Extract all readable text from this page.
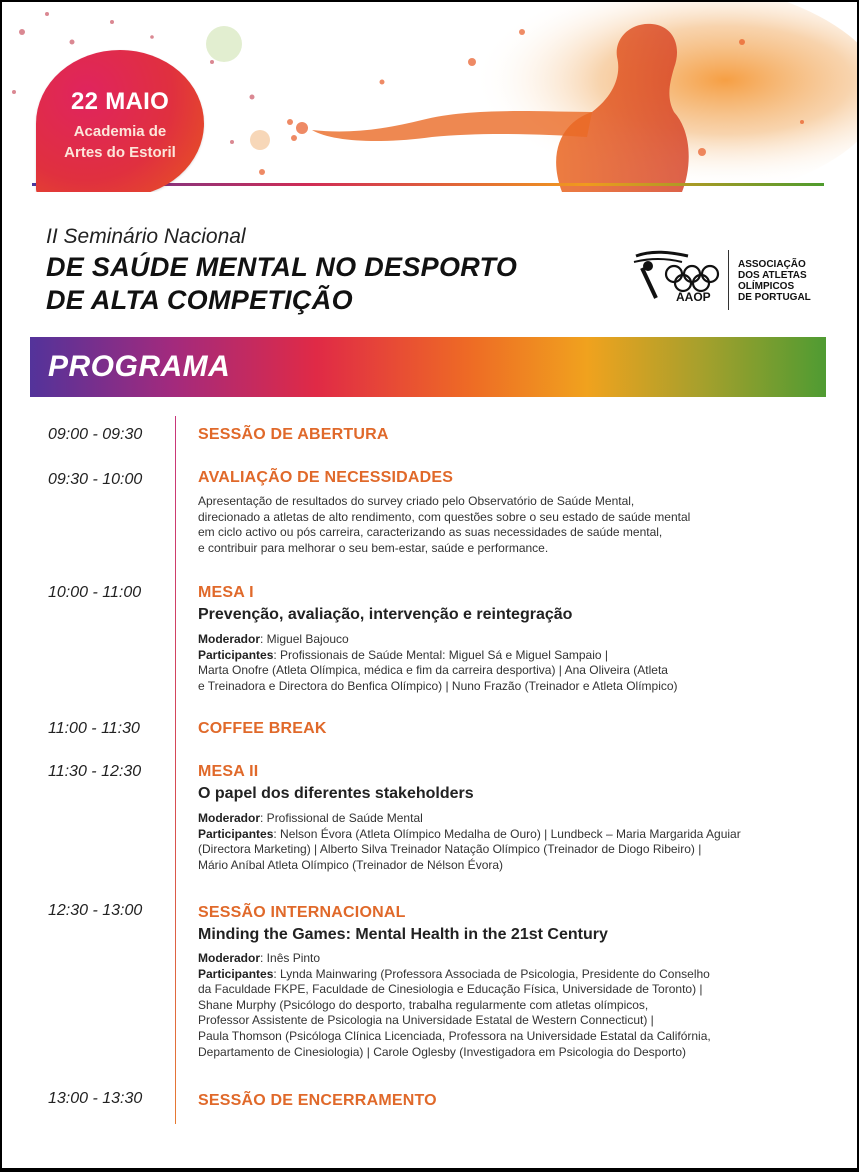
22 MAIO
Academia de
Artes do Estoril
II Seminário Nacional
DE SAÚDE MENTAL NO DESPORTO
DE ALTA COMPETIÇÃO	AAOP
ASSOCIAÇÃO
DOS ATLETAS
OLÍMPICOS
DE PORTUGAL
PROGRAMA
09:00 - 09:30	SESSÃO DE ABERTURA
09:30 - 10:00	AVALIAÇÃO DE NECESSIDADES
Apresentação de resultados do survey criado pelo Observatório de Saúde Mental,
direcionado a atletas de alto rendimento, com questões sobre o seu estado de saúde mental
em ciclo activo ou pós carreira, caracterizando as suas necessidades de saúde mental,
e contribuir para melhorar o seu bem-estar, saúde e performance.
10:00 - 11:00	MESA I
Prevenção, avaliação, intervenção e reintegração
Moderador: Miguel Bajouco
Participantes: Profissionais de Saúde Mental: Miguel Sá e Miguel Sampaio |
Marta Onofre (Atleta Olímpica, médica e fim da carreira desportiva) | Ana Oliveira (Atleta
e Treinadora e Directora do Benfica Olímpico) | Nuno Frazão (Treinador e Atleta Olímpico)
11:00 - 11:30	COFFEE BREAK
11:30 - 12:30	MESA II
O papel dos diferentes stakeholders
Moderador: Profissional de Saúde Mental
Participantes: Nelson Évora (Atleta Olímpico Medalha de Ouro) | Lundbeck – Maria Margarida Aguiar
(Directora Marketing) | Alberto Silva Treinador Natação Olímpico (Treinador de Diogo Ribeiro) |
Mário Aníbal Atleta Olímpico (Treinador de Nélson Évora)
12:30 - 13:00	SESSÃO INTERNACIONAL
Minding the Games: Mental Health in the 21st Century
Moderador: Inês Pinto
Participantes: Lynda Mainwaring (Professora Associada de Psicologia, Presidente do Conselho
da Faculdade FKPE, Faculdade de Cinesiologia e Educação Física, Universidade de Toronto) |
Shane Murphy (Psicólogo do desporto, trabalha regularmente com atletas olímpicos,
Professor Assistente de Psicologia na Universidade Estatal de Western Connecticut) |
Paula Thomson (Psicóloga Clínica Licenciada, Professora na Universidade Estatal da Califórnia,
Departamento de Cinesiologia) | Carole Oglesby (Investigadora em Psicologia do Desporto)
13:00 - 13:30	SESSÃO DE ENCERRAMENTO
